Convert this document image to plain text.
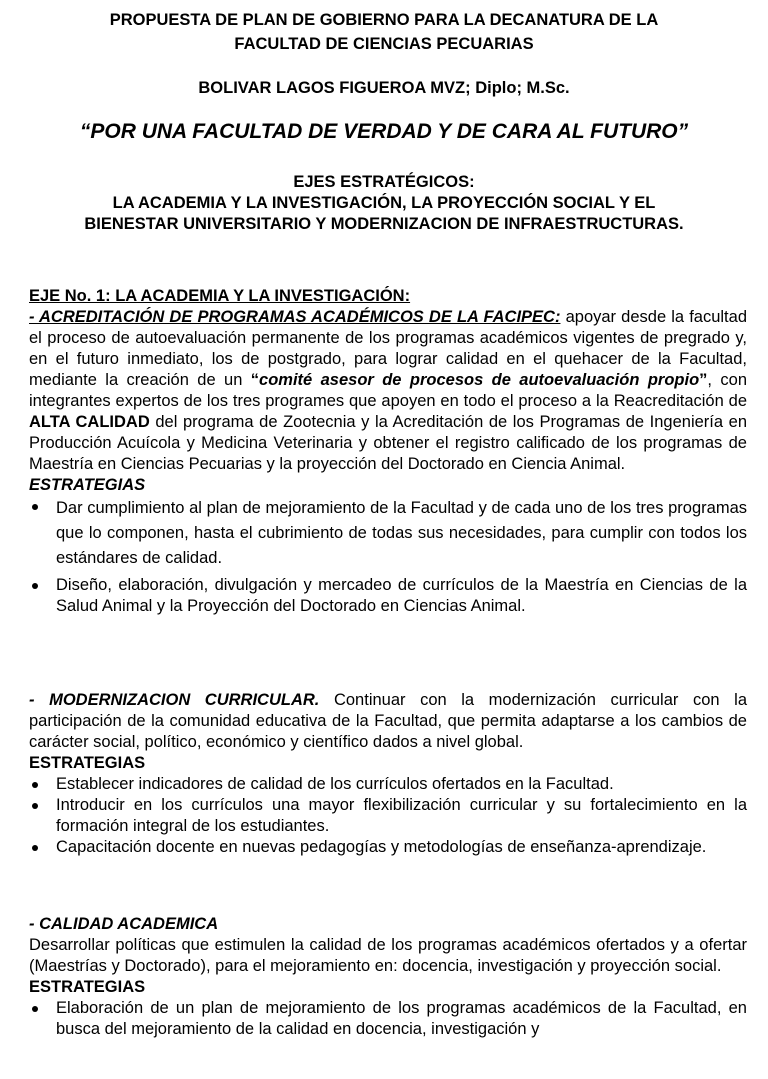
PROPUESTA DE PLAN DE GOBIERNO PARA LA DECANATURA DE LA
FACULTAD DE CIENCIAS PECUARIAS
BOLIVAR LAGOS FIGUEROA MVZ; Diplo; M.Sc.
“POR UNA FACULTAD DE VERDAD Y DE CARA AL FUTURO”
EJES ESTRATÉGICOS:
LA ACADEMIA Y LA INVESTIGACIÓN, LA PROYECCIÓN SOCIAL Y EL
BIENESTAR UNIVERSITARIO Y MODERNIZACION DE INFRAESTRUCTURAS.
EJE No. 1: LA ACADEMIA Y LA INVESTIGACIÓN:
- ACREDITACIÓN DE PROGRAMAS ACADÉMICOS DE LA FACIPEC: apoyar desde la facultad el proceso de autoevaluación permanente de los programas académicos vigentes de pregrado y, en el futuro inmediato, los de postgrado, para lograr calidad en el quehacer de la Facultad, mediante la creación de un “comité asesor de procesos de autoevaluación propio”, con integrantes expertos de los tres programes que apoyen en todo el proceso a la Reacreditación de ALTA CALIDAD del programa de Zootecnia y la Acreditación de los Programas de Ingeniería en Producción Acuícola y Medicina Veterinaria y obtener el registro calificado de los programas de Maestría en Ciencias Pecuarias y la proyección del Doctorado en Ciencia Animal.
ESTRATEGIAS
Dar cumplimiento al plan de mejoramiento de la Facultad y de cada uno de los tres programas que lo componen, hasta el cubrimiento de todas sus necesidades, para cumplir con todos los estándares de calidad.
Diseño, elaboración, divulgación y mercadeo de currículos de la Maestría en Ciencias de la Salud Animal y la Proyección del Doctorado en Ciencias Animal.
- MODERNIZACION CURRICULAR. Continuar con la modernización curricular con la participación de la comunidad educativa de la Facultad, que permita adaptarse a los cambios de carácter social, político, económico y científico dados a nivel global.
ESTRATEGIAS
Establecer indicadores de calidad de los currículos ofertados en la Facultad.
Introducir en los currículos una mayor flexibilización curricular y su fortalecimiento en la formación integral de los estudiantes.
Capacitación docente en nuevas pedagogías y metodologías de enseñanza-aprendizaje.
- CALIDAD ACADEMICA
Desarrollar políticas que estimulen la calidad de los programas académicos ofertados y a ofertar (Maestrías y Doctorado), para el mejoramiento en: docencia, investigación y proyección social.
ESTRATEGIAS
Elaboración de un plan de mejoramiento de los programas académicos de la Facultad, en busca del mejoramiento de la calidad en docencia, investigación y
